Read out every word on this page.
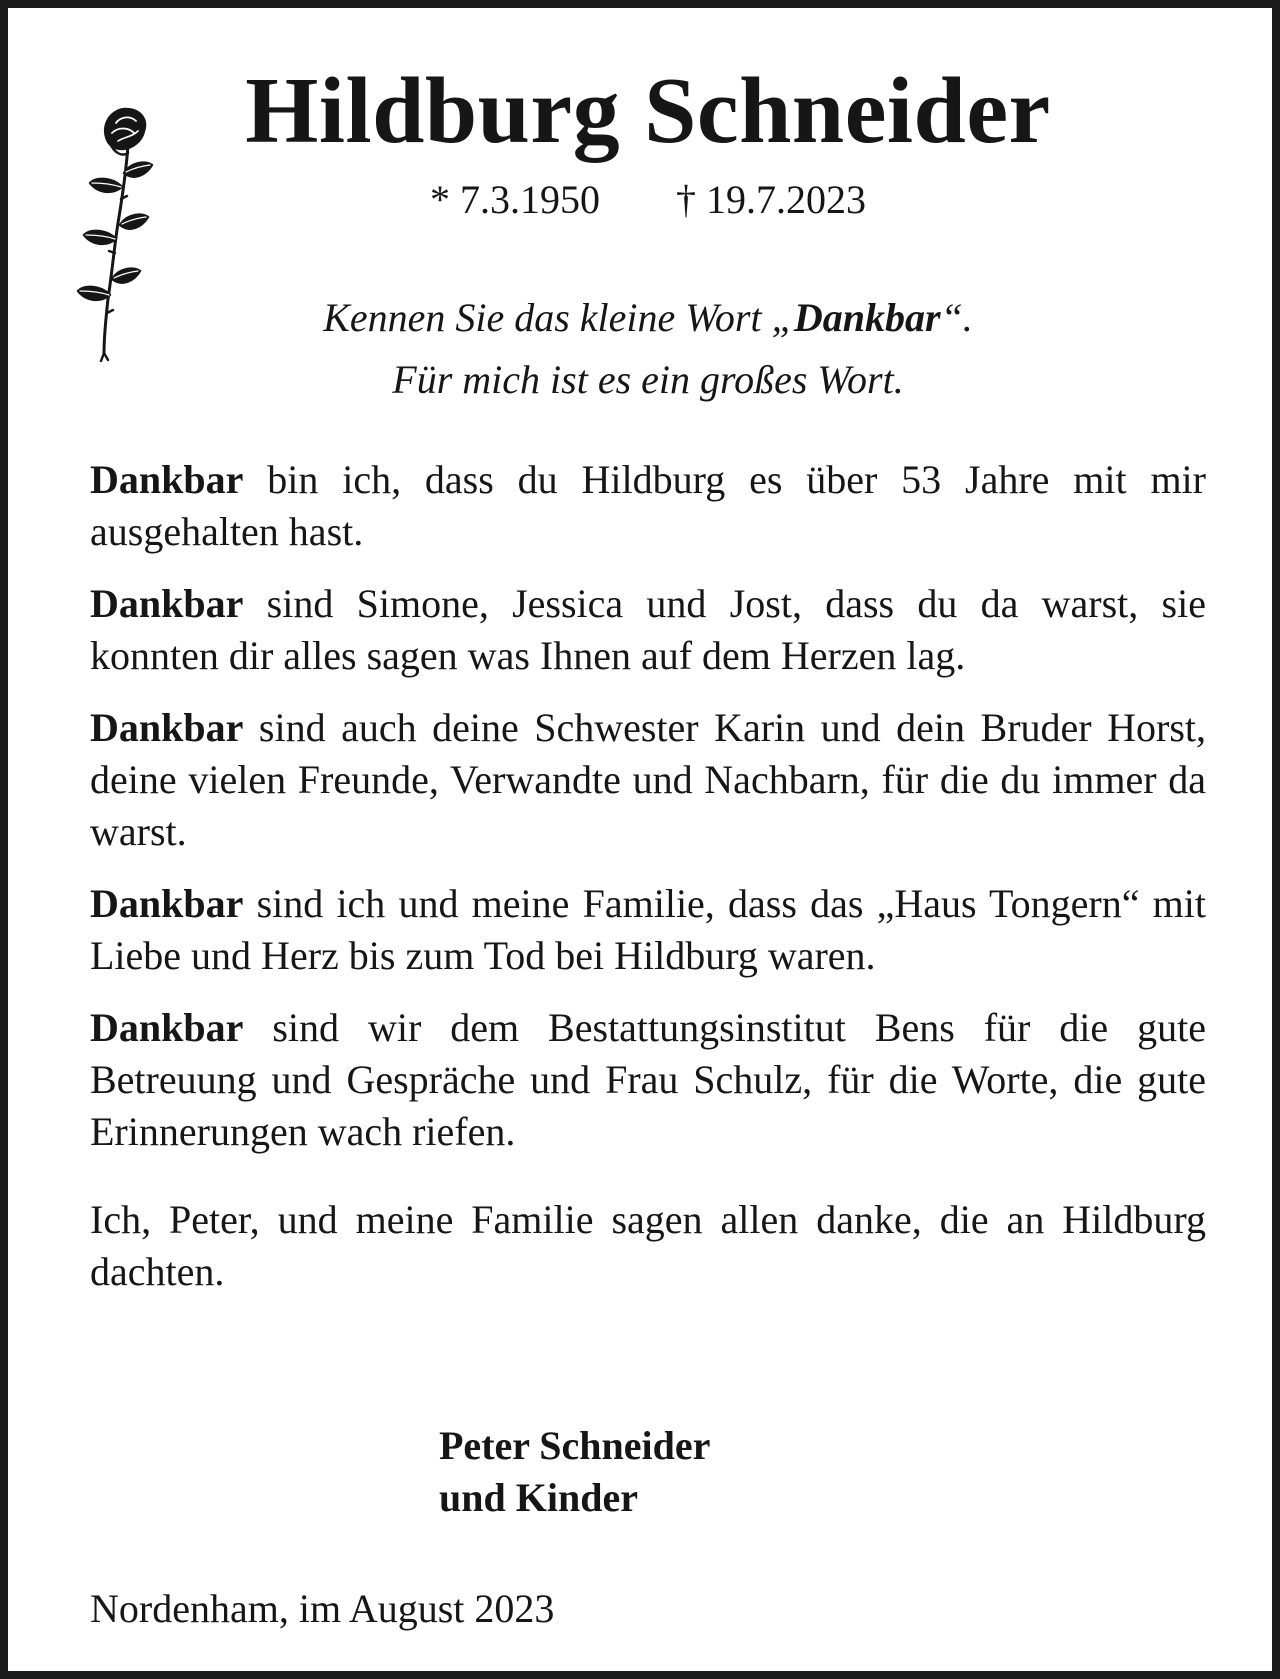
Hildburg Schneider
* 7.3.1950 † 19.7.2023
Kennen Sie das kleine Wort „Dankbar“.
Für mich ist es ein großes Wort.

Dankbar bin ich, dass du Hildburg es über 53 Jahre mit mir ausgehalten hast.

Dankbar sind Simone, Jessica und Jost, dass du da warst, sie konnten dir alles sagen was Ihnen auf dem Herzen lag.

Dankbar sind auch deine Schwester Karin und dein Bruder Horst, deine vielen Freunde, Verwandte und Nachbarn, für die du immer da warst.

Dankbar sind ich und meine Familie, dass das „Haus Tongern“ mit Liebe und Herz bis zum Tod bei Hildburg waren.

Dankbar sind wir dem Bestattungsinstitut Bens für die gute Betreuung und Gespräche und Frau Schulz, für die Worte, die gute Erinnerungen wach riefen.

Ich, Peter, und meine Familie sagen allen danke, die an Hildburg dachten.

Peter Schneider
und Kinder
Nordenham, im August 2023
